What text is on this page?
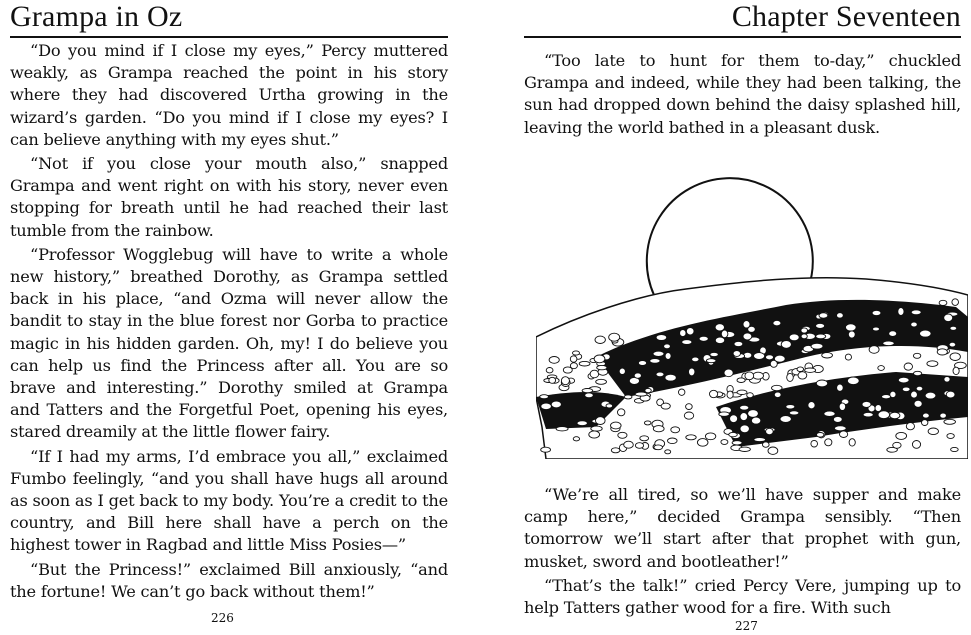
Grampa in Oz

“Do you mind if I close my eyes,” Percy muttered weakly, as Grampa reached the point in his story where they had discovered Urtha growing in the wizard’s garden. “Do you mind if I close my eyes? I can believe anything with my eyes shut.”

“Not if you close your mouth also,” snapped Grampa and went right on with his story, never even stopping for breath until he had reached their last tumble from the rainbow.

“Professor Wogglebug will have to write a whole new history,” breathed Dorothy, as Grampa settled back in his place, “and Ozma will never allow the bandit to stay in the blue forest nor Gorba to practice magic in his hidden garden. Oh, my! I do believe you can help us find the Princess after all. You are so brave and interesting.” Dorothy smiled at Grampa and Tatters and the Forgetful Poet, opening his eyes, stared dreamily at the little flower fairy.

“If I had my arms, I’d embrace you all,” exclaimed Fumbo feelingly, “and you shall have hugs all around as soon as I get back to my body. You’re a credit to the country, and Bill here shall have a perch on the highest tower in Ragbad and little Miss Posies—”

“But the Princess!” exclaimed Bill anxiously, “and the fortune! We can’t go back without them!”

226
Chapter Seventeen

“Too late to hunt for them to-day,” chuckled Grampa and indeed, while they had been talking, the sun had dropped down behind the daisy splashed hill, leaving the world bathed in a pleasant dusk.

“We’re all tired, so we’ll have supper and make camp here,” decided Grampa sensibly. “Then tomorrow we’ll start after that prophet with gun, musket, sword and bootleather!”

“That’s the talk!” cried Percy Vere, jumping up to help Tatters gather wood for a fire. With such

227
